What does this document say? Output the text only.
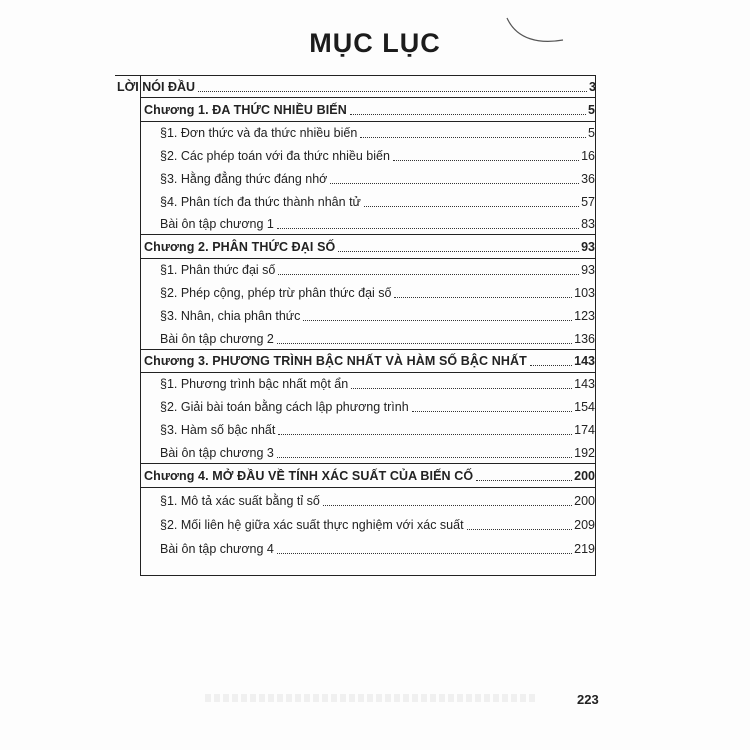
MỤC LỤC
LỜI NÓI ĐẦU	3
Chương 1. ĐA THỨC NHIỀU BIẾN	5
§1. Đơn thức và đa thức nhiều biến	5
§2. Các phép toán với đa thức nhiều biến	16
§3. Hằng đẳng thức đáng nhớ	36
§4. Phân tích đa thức thành nhân tử	57
Bài ôn tập chương 1	83
Chương 2. PHÂN THỨC ĐẠI SỐ	93
§1. Phân thức đại số	93
§2. Phép cộng, phép trừ phân thức đại số	103
§3. Nhân, chia phân thức	123
Bài ôn tập chương 2	136
Chương 3. PHƯƠNG TRÌNH BẬC NHẤT VÀ HÀM SỐ BẬC NHẤT	143
§1. Phương trình bậc nhất một ẩn	143
§2. Giải bài toán bằng cách lập phương trình	154
§3. Hàm số bậc nhất	174
Bài ôn tập chương 3	192
Chương 4. MỞ ĐẦU VỀ TÍNH XÁC SUẤT CỦA BIẾN CỐ	200
§1. Mô tả xác suất bằng tỉ số	200
§2. Mối liên hệ giữa xác suất thực nghiệm với xác suất	209
Bài ôn tập chương 4	219
223
